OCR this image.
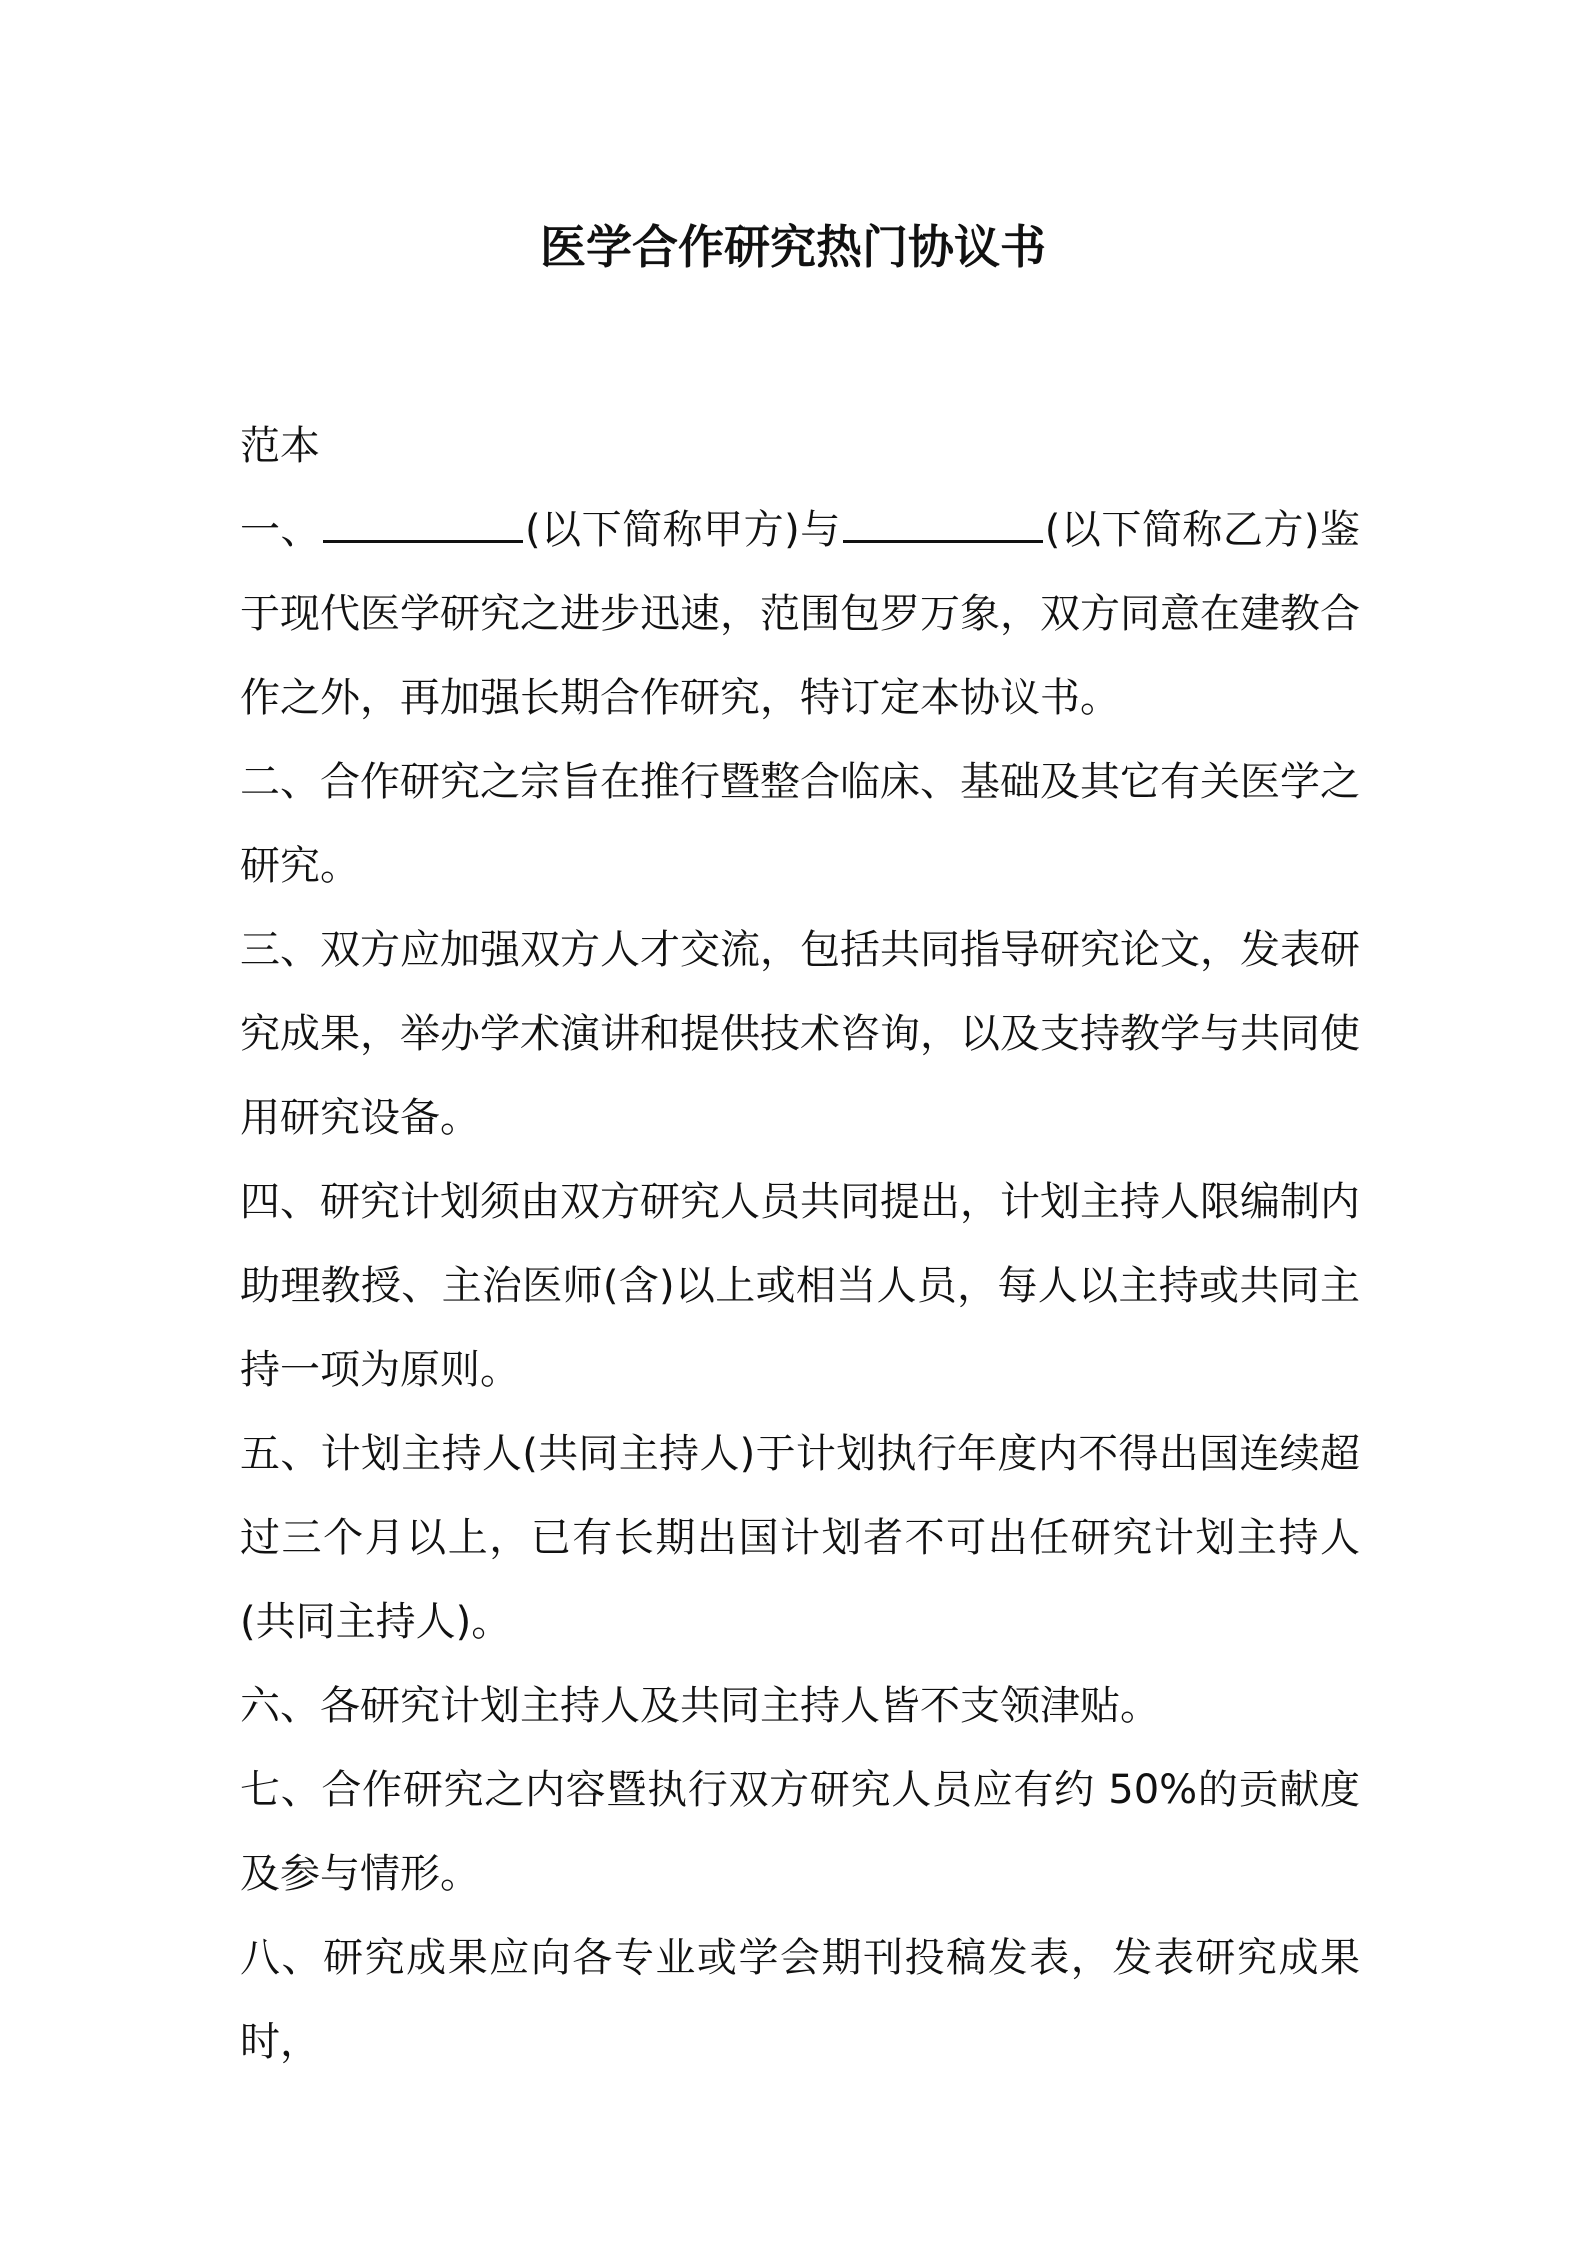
医学合作研究热门协议书

范本

一、	(以下简称甲方)与	(以下简称乙方)鉴于现代医学研究之进步迅速，范围包罗万象，双方同意在建教合作之外，再加强长期合作研究，特订定本协议书。

二、合作研究之宗旨在推行暨整合临床、基础及其它有关医学之研究。

三、双方应加强双方人才交流，包括共同指导研究论文，发表研究成果，举办学术演讲和提供技术咨询，以及支持教学与共同使用研究设备。

四、研究计划须由双方研究人员共同提出，计划主持人限编制内助理教授、主治医师(含)以上或相当人员，每人以主持或共同主持一项为原则。

五、计划主持人(共同主持人)于计划执行年度内不得出国连续超过三个月以上，已有长期出国计划者不可出任研究计划主持人(共同主持人)。

六、各研究计划主持人及共同主持人皆不支领津贴。

七、合作研究之内容暨执行双方研究人员应有约 50%的贡献度及参与情形。

八、研究成果应向各专业或学会期刊投稿发表，发表研究成果时，
